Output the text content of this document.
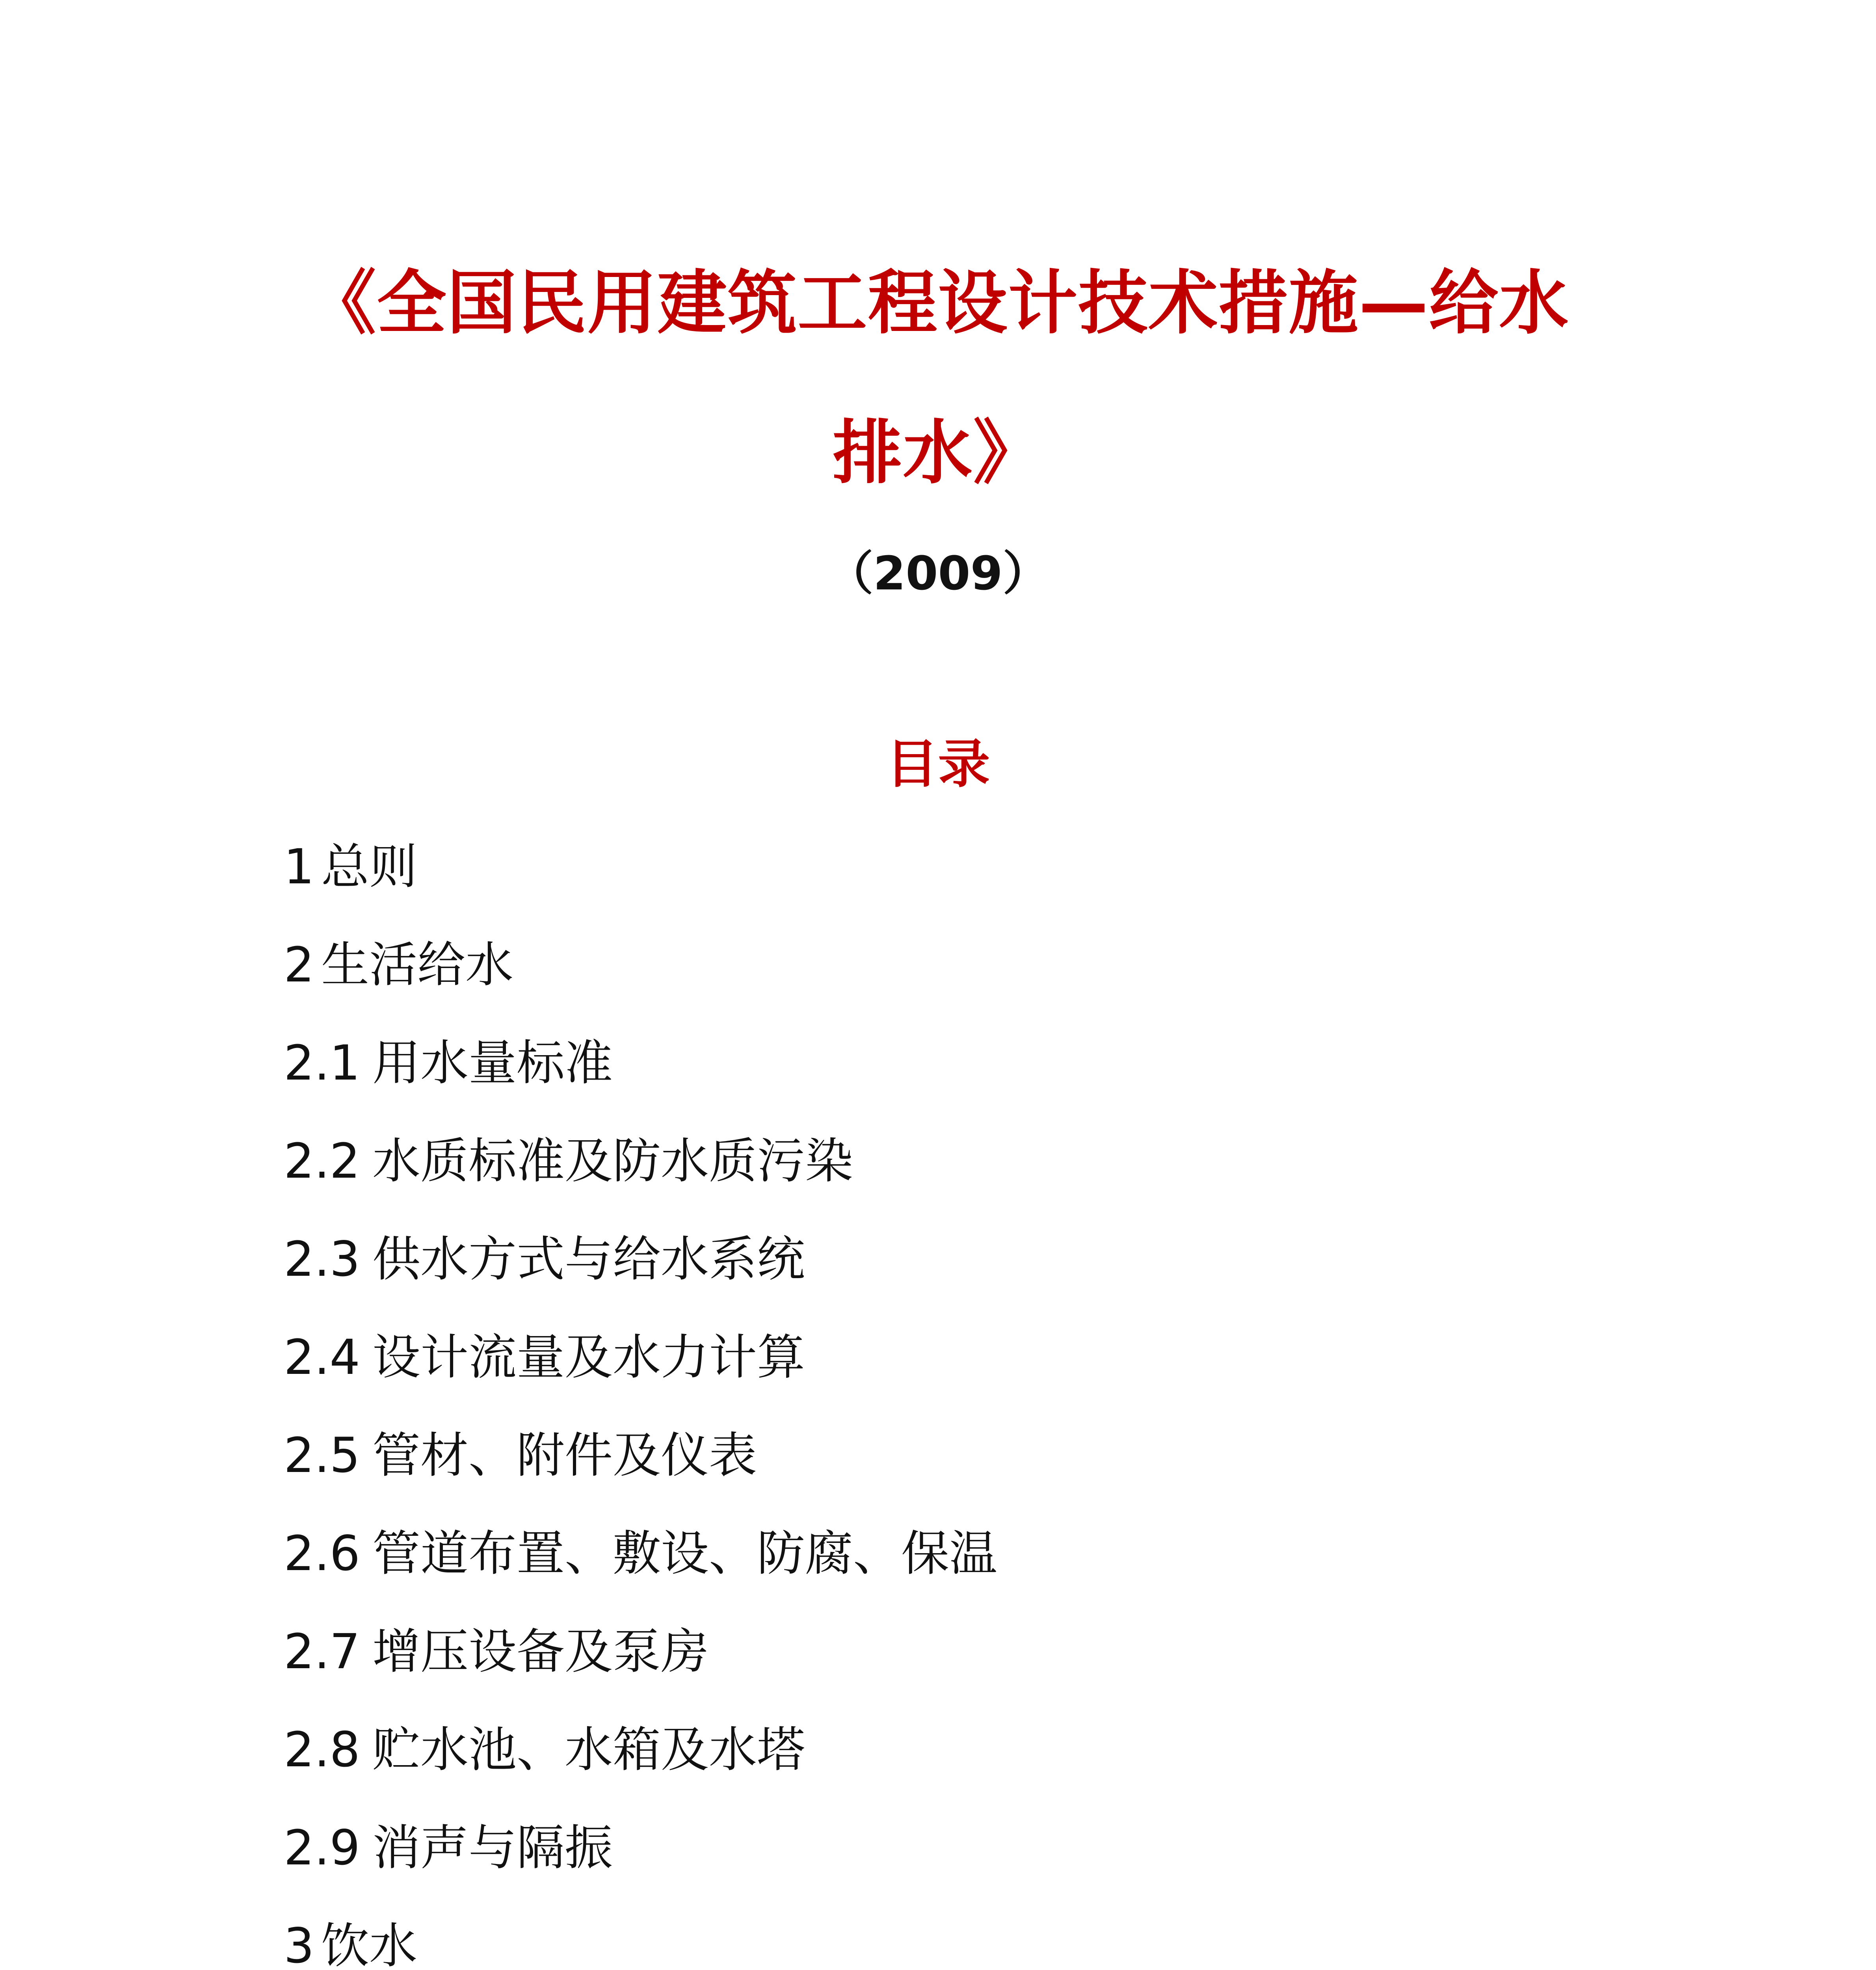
《全国民用建筑工程设计技术措施—给水
排水》
（2009）
目录
1 总则
2 生活给水
2.1 用水量标准
2.2 水质标准及防水质污染
2.3 供水方式与给水系统
2.4 设计流量及水力计算
2.5 管材、附件及仪表
2.6 管道布置、敷设、防腐、保温
2.7 增压设备及泵房
2.8 贮水池、水箱及水塔
2.9 消声与隔振
3 饮水
